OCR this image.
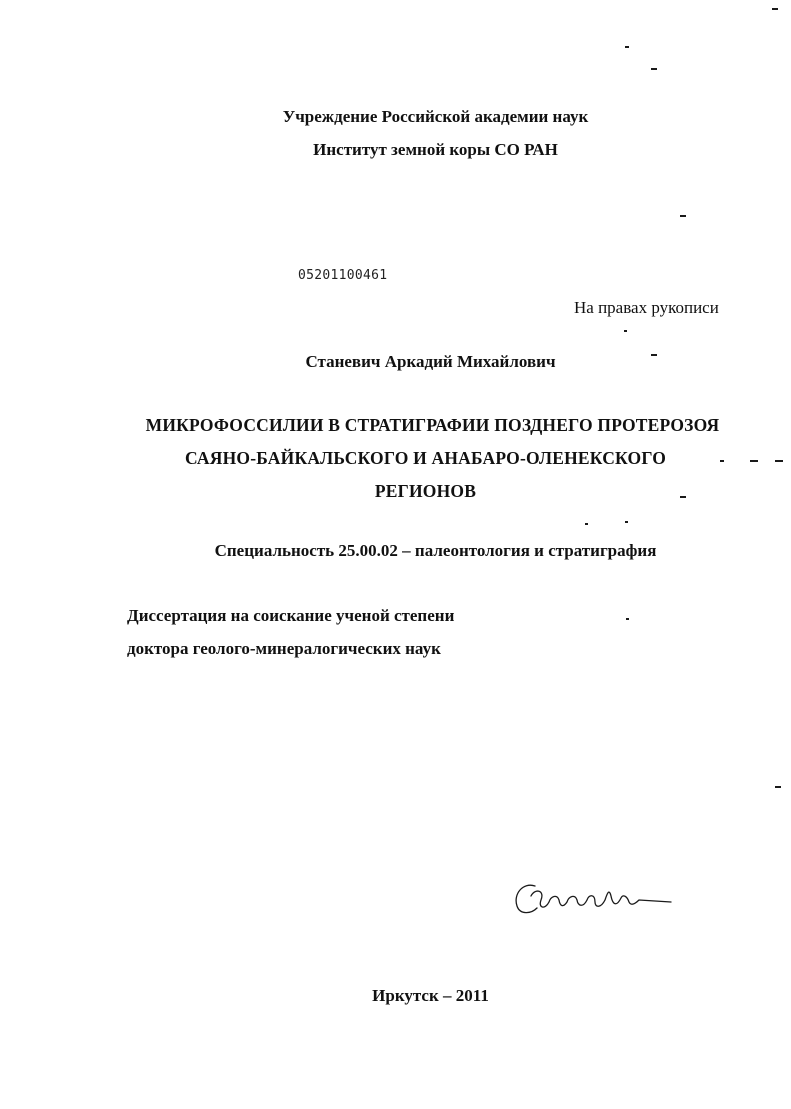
Учреждение Российской академии наук
Институт земной коры СО РАН
05201100461
На правах рукописи
Станевич Аркадий Михайлович
МИКРОФОССИЛИИ В СТРАТИГРАФИИ ПОЗДНЕГО ПРОТЕРОЗОЯ
САЯНО-БАЙКАЛЬСКОГО И АНАБАРО-ОЛЕНЕКСКОГО
РЕГИОНОВ
Специальность 25.00.02 – палеонтология и стратиграфия
Диссертация на соискание ученой степени
доктора геолого-минералогических наук
Иркутск – 2011
